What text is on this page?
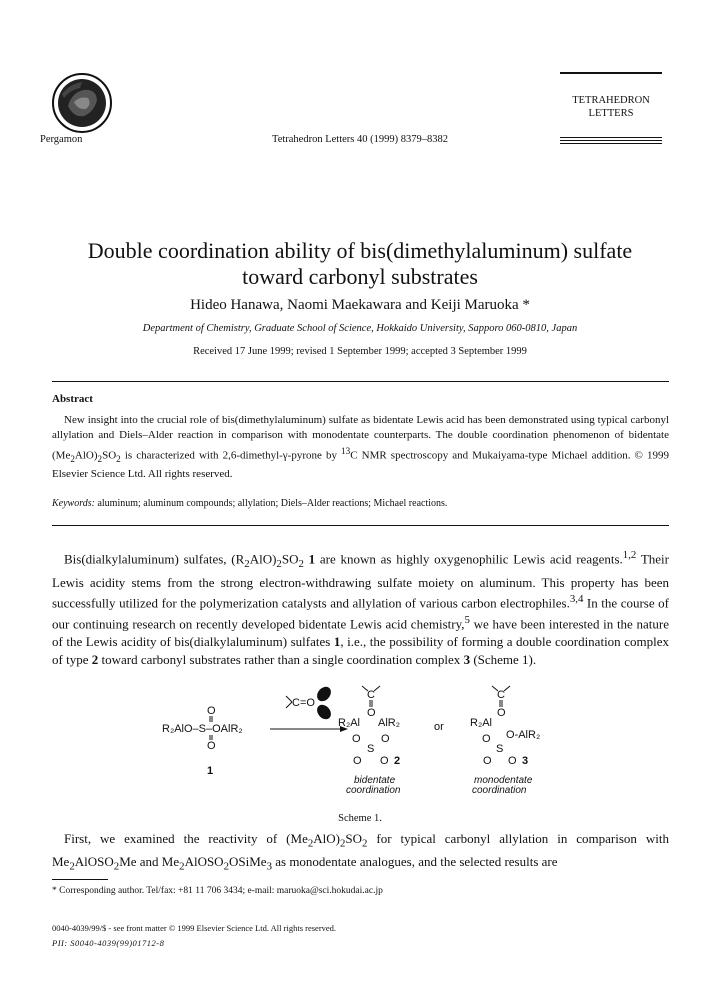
Pergamon	Tetrahedron Letters 40 (1999) 8379–8382
TETRAHEDRON
LETTERS
Double coordination ability of bis(dimethylaluminum) sulfate
toward carbonyl substrates
Hideo Hanawa, Naomi Maekawara and Keiji Maruoka *
Department of Chemistry, Graduate School of Science, Hokkaido University, Sapporo 060-0810, Japan
Received 17 June 1999; revised 1 September 1999; accepted 3 September 1999
Abstract
New insight into the crucial role of bis(dimethylaluminum) sulfate as bidentate Lewis acid has been demonstrated using typical carbonyl allylation and Diels–Alder reaction in comparison with monodentate counterparts. The double coordination phenomenon of bidentate $(Me_2AlO)_2SO_2$ is characterized with 2,6-dimethyl-γ-pyrone by $^{13}$C NMR spectroscopy and Mukaiyama-type Michael addition. © 1999 Elsevier Science Ltd. All rights reserved.
Keywords: aluminum; aluminum compounds; allylation; Diels–Alder reactions; Michael reactions.
Bis(dialkylaluminum) sulfates, $(R_2AlO)_2SO_2$ 1 are known as highly oxygenophilic Lewis acid reagents.$^{1,2}$ Their Lewis acidity stems from the strong electron-withdrawing sulfate moiety on aluminum. This property has been successfully utilized for the polymerization catalysts and allylation of various carbon electrophiles.$^{3,4}$ In the course of our continuing research on recently developed bidentate Lewis acid chemistry,$^5$ we have been interested in the nature of the Lewis acidity of bis(dialkylaluminum) sulfates 1, i.e., the possibility of forming a double coordination complex of type 2 toward carbonyl substrates rather than a single coordination complex 3 (Scheme 1).
O
R₂AlO–S–OAlR₂
O
1
C=O
C
O
R₂Al AlR₂
O O
S
O O 2
bidentate
coordination
or
C
O
R₂Al
O O-AlR₂
S
O O 3
monodentate
coordination
Scheme 1.
First, we examined the reactivity of $(Me_2AlO)_2SO_2$ for typical carbonyl allylation in comparison with $Me_2AlOSO_2Me$ and $Me_2AlOSO_2OSiMe_3$ as monodentate analogues, and the selected results are
* Corresponding author. Tel/fax: +81 11 706 3434; e-mail: maruoka@sci.hokudai.ac.jp
0040-4039/99/$ - see front matter © 1999 Elsevier Science Ltd. All rights reserved.
PII: S0040-4039(99)01712-8
